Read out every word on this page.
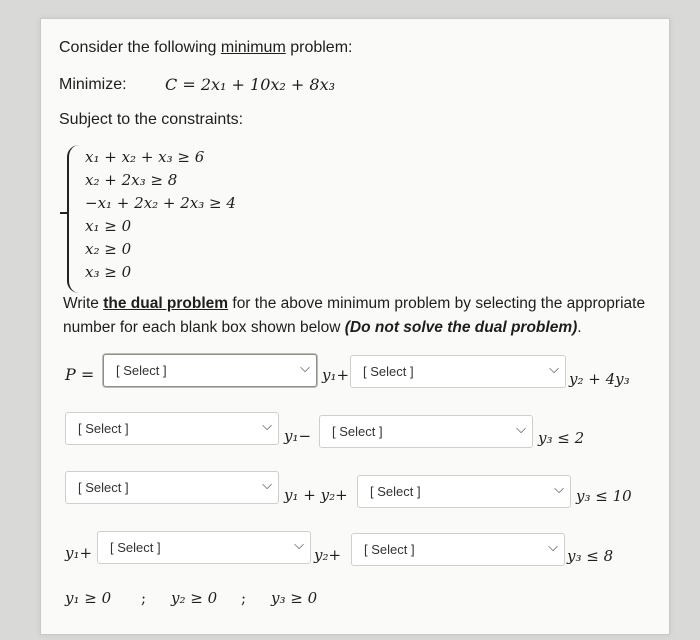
Consider the following minimum problem:
Minimize: C = 2x₁ + 10x₂ + 8x₃
Subject to the constraints:
x₁ + x₂ + x₃ ≥ 6
x₂ + 2x₃ ≥ 8
−x₁ + 2x₂ + 2x₃ ≥ 4
x₁ ≥ 0
x₂ ≥ 0
x₃ ≥ 0
Write the dual problem for the above minimum problem by selecting the appropriate
number for each blank box shown below (Do not solve the dual problem).
P = [ Select ]	⌵ y₁+ [ Select ]	⌵
y₂ + 4y₃
[ Select ]	⌵
y₁− [ Select ]	⌵
y₃ ≤ 2
[ Select ]	⌵
y₁ + y₂+ [ Select ]	⌵ y₃ ≤ 10
y₁+ [ Select ]	⌵
y₂+ [ Select ]	⌵
y₃ ≤ 8
y₁ ≥ 0 ; y₂ ≥ 0 ; y₃ ≥ 0
